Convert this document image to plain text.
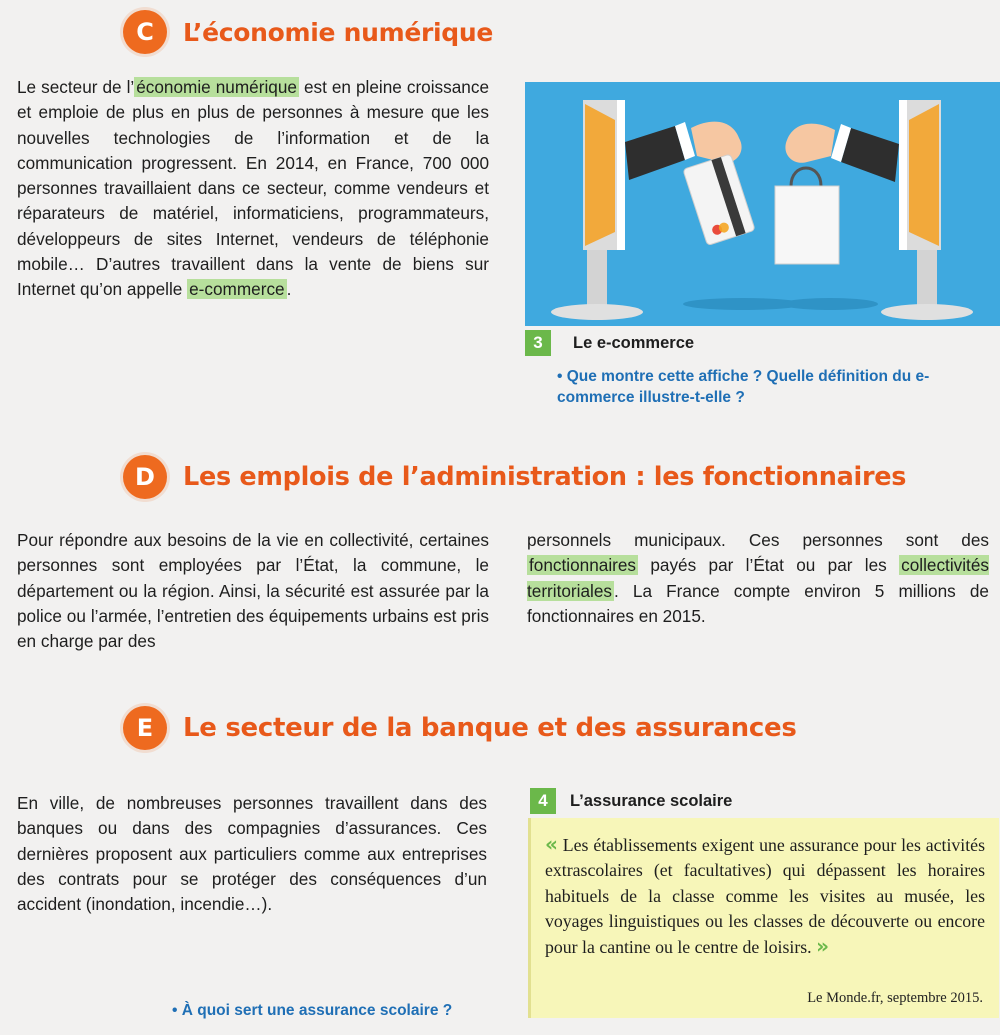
C	L’économie numérique
Le secteur de l’ économie numérique est en pleine croissance et emploie de plus en plus de personnes à mesure que les nouvelles technologies de l’information et de la communication progressent. En 2014, en France, 700 000 personnes travaillaient dans ce secteur, comme vendeurs et réparateurs de matériel, informaticiens, programmateurs, développeurs de sites Internet, vendeurs de téléphonie mobile… D’autres travaillent dans la vente de biens sur Internet qu’on appelle e-commerce .
3	Le e-commerce
• Que montre cette affiche ? Quelle définition du e-commerce illustre-t-elle ?
D	Les emplois de l’administration : les fonctionnaires
Pour répondre aux besoins de la vie en collectivité, certaines personnes sont employées par l’État, la commune, le département ou la région. Ainsi, la sécurité est assurée par la police ou l’armée, l’entretien des équipements urbains est pris en charge par des
personnels municipaux. Ces personnes sont des fonctionnaires payés par l’État ou par les collectivités territoriales . La France compte environ 5 millions de fonctionnaires en 2015.
E	Le secteur de la banque et des assurances
En ville, de nombreuses personnes travaillent dans des banques ou dans des compagnies d’assurances. Ces dernières proposent aux particuliers comme aux entreprises des contrats pour se protéger des conséquences d’un accident (inondation, incendie…).
• À quoi sert une assurance scolaire ?
4	L’assurance scolaire
« Les établissements exigent une assurance pour les activités extrascolaires (et facultatives) qui dépassent les horaires habituels de la classe comme les visites au musée, les voyages linguistiques ou les classes de découverte ou encore pour la cantine ou le centre de loisirs. »
Le Monde.fr, septembre 2015.
